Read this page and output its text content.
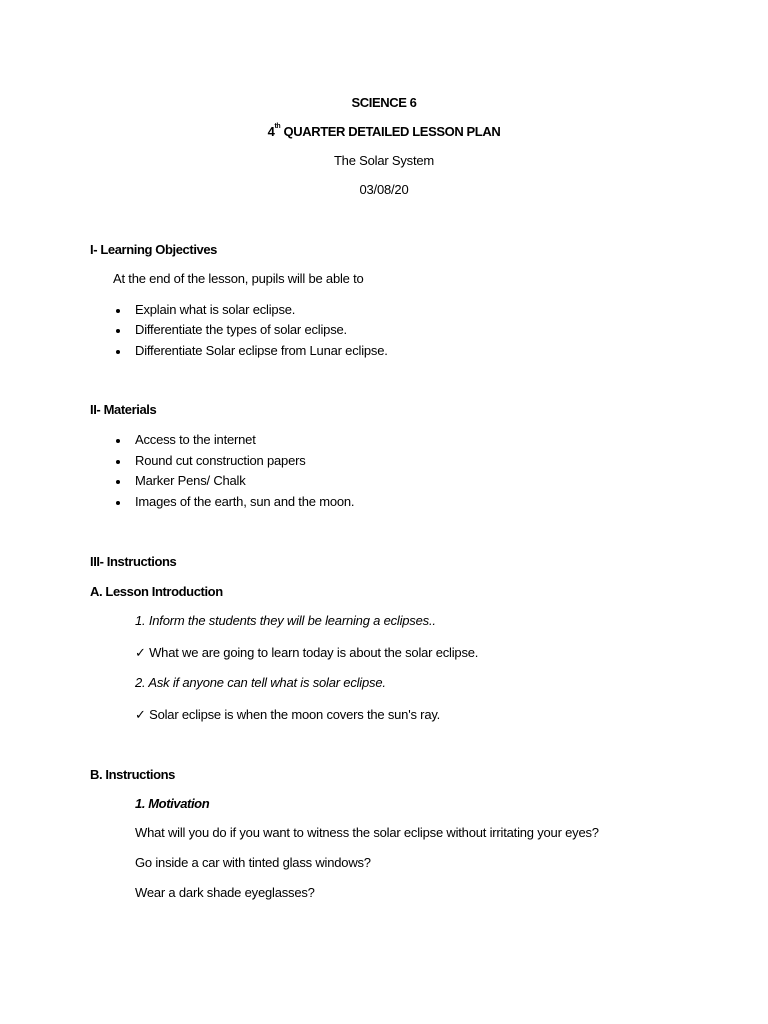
SCIENCE 6
4th QUARTER DETAILED LESSON PLAN
The Solar System
03/08/20
I- Learning Objectives
At the end of the lesson, pupils will be able to
Explain what is solar eclipse.
Differentiate the types of solar eclipse.
Differentiate Solar eclipse from Lunar eclipse.
II- Materials
Access to the internet
Round cut construction papers
Marker Pens/ Chalk
Images of the earth, sun and the moon.
III- Instructions
A. Lesson Introduction
1. Inform the students they will be learning a eclipses..
✓ What we are going to learn today is about the solar eclipse.
2. Ask if anyone can tell what is solar eclipse.
✓ Solar eclipse is when the moon covers the sun's ray.
B. Instructions
1. Motivation
What will you do if you want to witness the solar eclipse without irritating your eyes?
Go inside a car with tinted glass windows?
Wear a dark shade eyeglasses?
